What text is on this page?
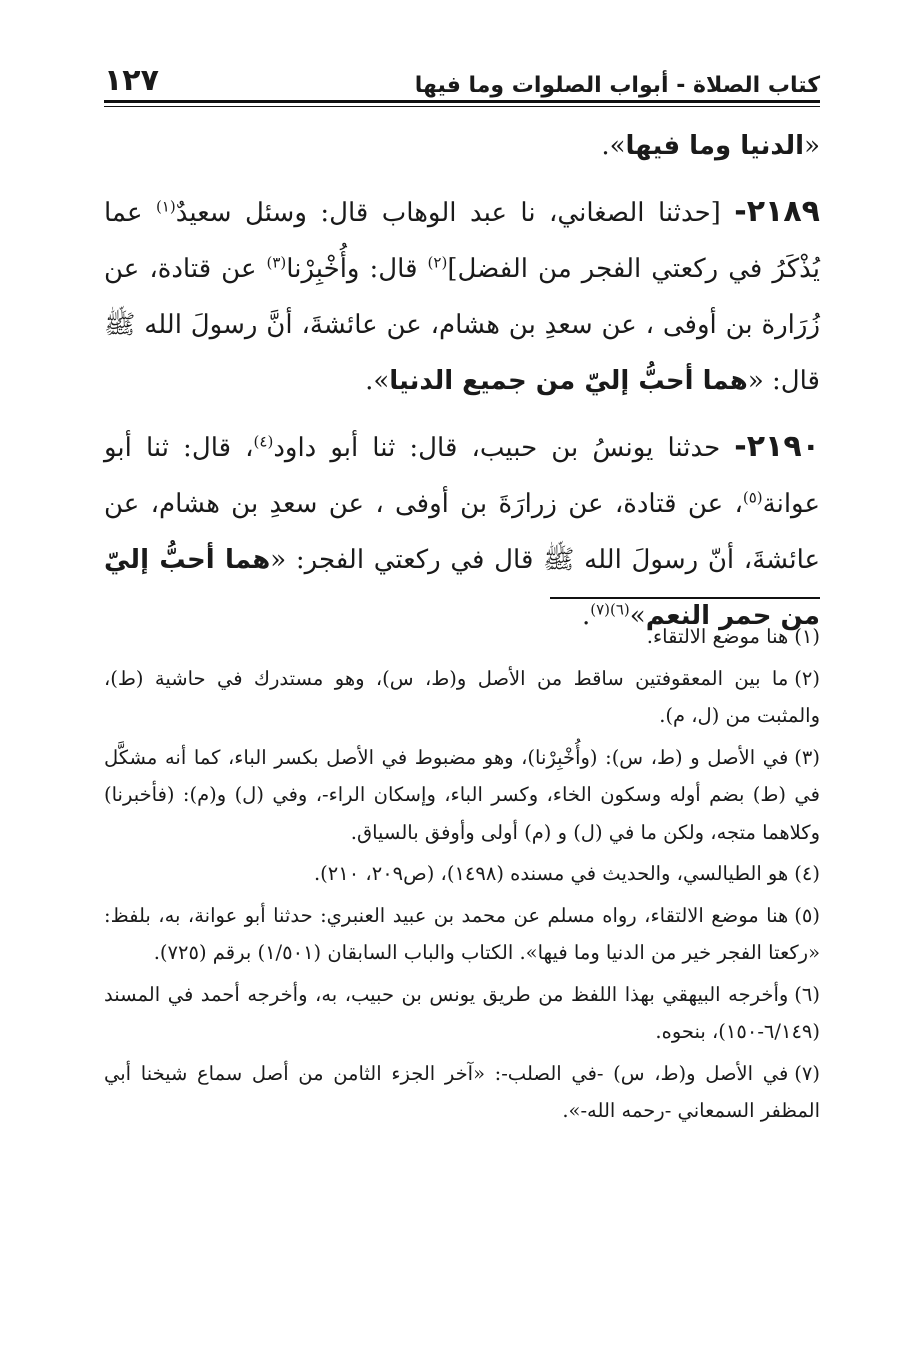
كتاب الصلاة - أبواب الصلوات وما فيها
١٢٧

«الدنيا وما فيها».

٢١٨٩- [حدثنا الصغاني، نا عبد الوهاب قال: وسئل سعيدٌ$^{(١)}$ عما يُذْكَرُ في ركعتي الفجر من الفضل]$^{(٢)}$ قال: وأُخْبِرْنا$^{(٣)}$ عن قتادة، عن زُرَارة بن أوفى ، عن سعدِ بن هشام، عن عائشةَ، أنَّ رسولَ الله ﷺ قال: «هما أحبُّ إليّ من جميع الدنيا».

٢١٩٠- حدثنا يونسُ بن حبيب، قال: ثنا أبو داود$^{(٤)}$، قال: ثنا أبو عوانة$^{(٥)}$، عن قتادة، عن زرارَةَ بن أوفى ، عن سعدِ بن هشام، عن عائشةَ، أنّ رسولَ الله ﷺ قال في ركعتي الفجر: «هما أحبُّ إليّ من حمر النعم»$^{(٦)(٧)}$.

(١)هنا موضع الالتقاء.
(٢)ما بين المعقوفتين ساقط من الأصل و(ط، س)، وهو مستدرك في حاشية (ط)، والمثبت من (ل، م).
(٣)في الأصل و (ط، س): (وأُخْبِرْنا)، وهو مضبوط في الأصل بكسر الباء، كما أنه مشكَّل في (ط) بضم أوله وسكون الخاء، وكسر الباء، وإسكان الراء-، وفي (ل) و(م): (فأخبرنا) وكلاهما متجه، ولكن ما في (ل) و (م) أولى وأوفق بالسياق.
(٤)هو الطيالسي، والحديث في مسنده (١٤٩٨)، (ص٢٠٩، ٢١٠).
(٥)هنا موضع الالتقاء، رواه مسلم عن محمد بن عبيد العنبري: حدثنا أبو عوانة، به، بلفظ: «ركعتا الفجر خير من الدنيا وما فيها». الكتاب والباب السابقان (١/٥٠١) برقم (٧٢٥).
(٦)وأخرجه البيهقي بهذا اللفظ من طريق يونس بن حبيب، به، وأخرجه أحمد في المسند (٦/١٤٩-١٥٠)، بنحوه.
(٧)في الأصل و(ط، س) -في الصلب-: «آخر الجزء الثامن من أصل سماع شيخنا أبي المظفر السمعاني -رحمه الله-».
